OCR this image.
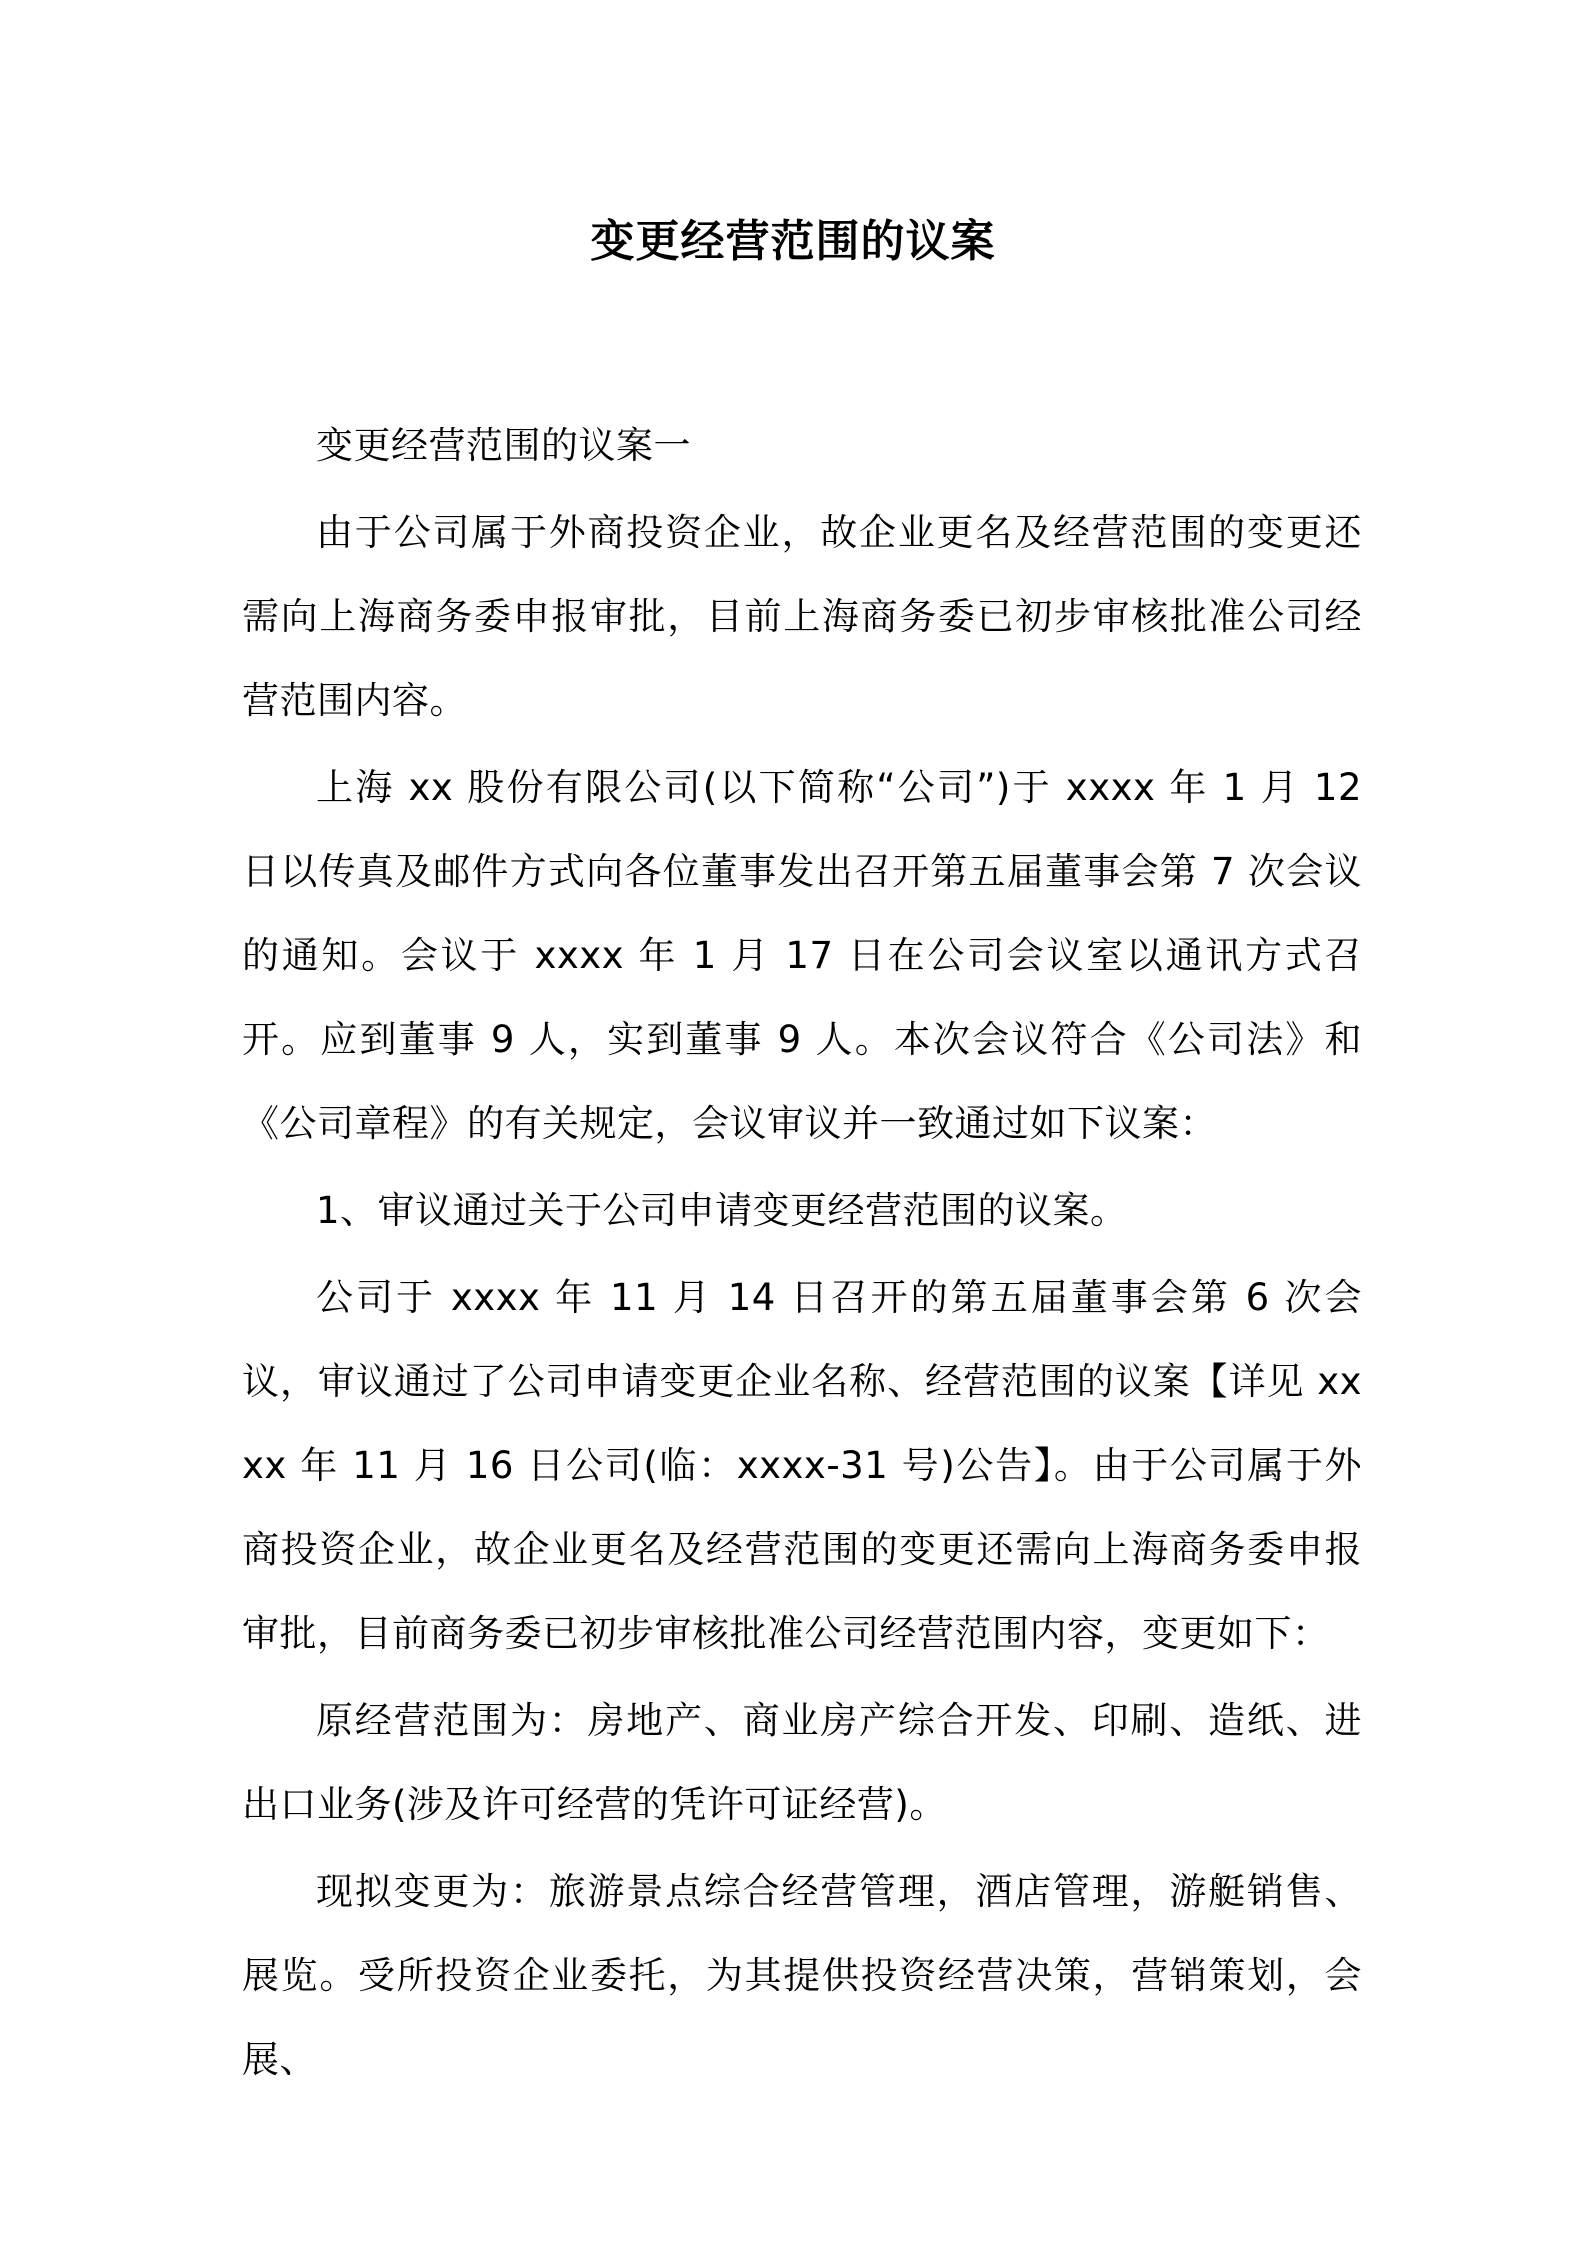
变更经营范围的议案

变更经营范围的议案一

由于公司属于外商投资企业，故企业更名及经营范围的变更还需向上海商务委申报审批，目前上海商务委已初步审核批准公司经营范围内容。

上海 xx 股份有限公司(以下简称“公司”)于 xxxx 年 1 月 12 日以传真及邮件方式向各位董事发出召开第五届董事会第 7 次会议的通知。会议于 xxxx 年 1 月 17 日在公司会议室以通讯方式召开。应到董事 9 人，实到董事 9 人。本次会议符合《公司法》和《公司章程》的有关规定，会议审议并一致通过如下议案：

1、审议通过关于公司申请变更经营范围的议案。

公司于 xxxx 年 11 月 14 日召开的第五届董事会第 6 次会议，审议通过了公司申请变更企业名称、经营范围的议案【详见 xxxx 年 11 月 16 日公司(临：xxxx-31 号)公告】。由于公司属于外商投资企业，故企业更名及经营范围的变更还需向上海商务委申报审批，目前商务委已初步审核批准公司经营范围内容，变更如下：

原经营范围为：房地产、商业房产综合开发、印刷、造纸、进出口业务(涉及许可经营的凭许可证经营)。

现拟变更为：旅游景点综合经营管理，酒店管理，游艇销售、展览。受所投资企业委托，为其提供投资经营决策，营销策划，会展、
